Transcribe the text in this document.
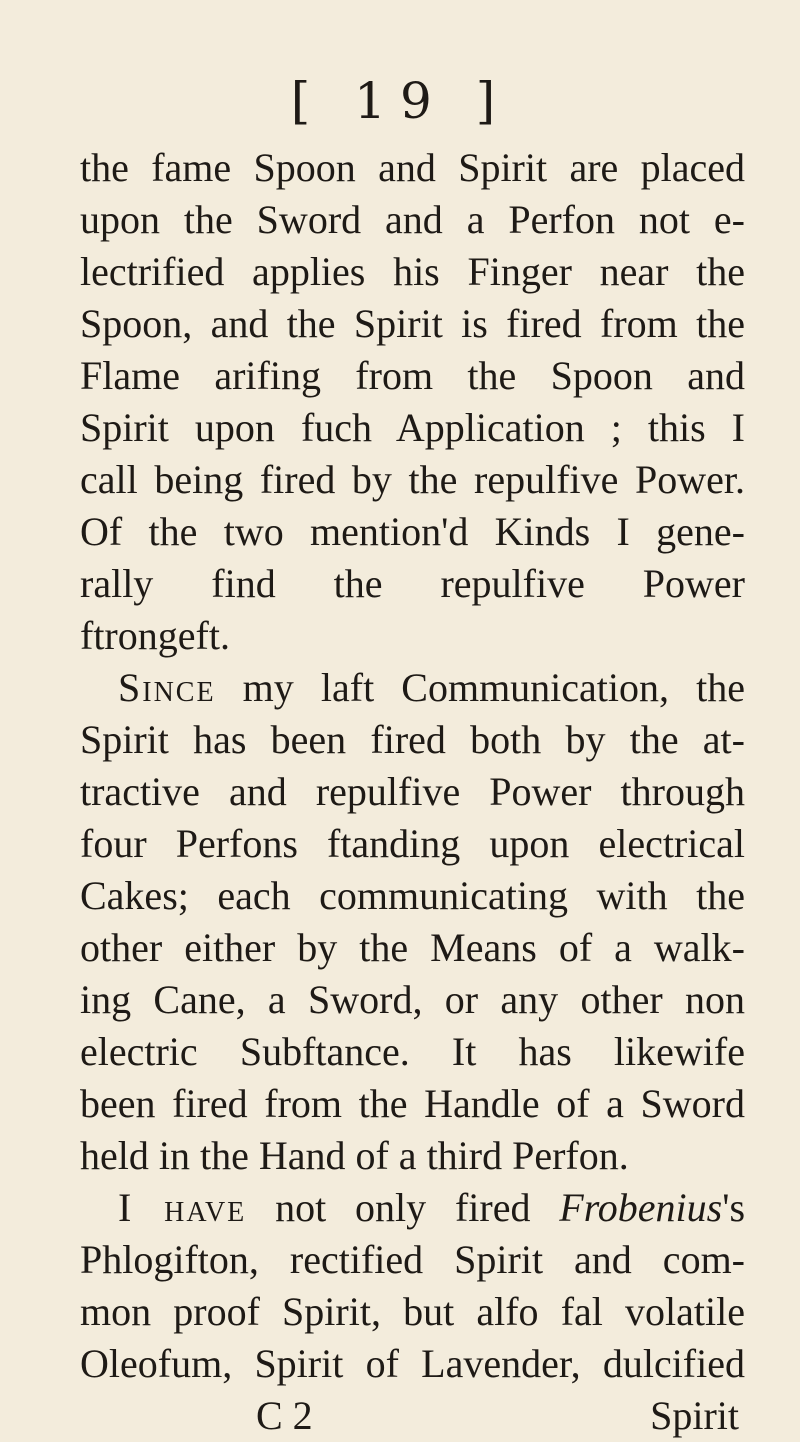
[ 19 ]
the fame Spoon and Spirit are placed
upon the Sword and a Perfon not e-
lectrified applies his Finger near the
Spoon, and the Spirit is fired from the
Flame arifing from the Spoon and
Spirit upon fuch Application ; this I
call being fired by the repulfive Power.
Of the two mention'd Kinds I gene-
rally find the repulfive Power
ftrongeft.
Since my laft Communication, the
Spirit has been fired both by the at-
tractive and repulfive Power through
four Perfons ftanding upon electrical
Cakes; each communicating with the
other either by the Means of a walk-
ing Cane, a Sword, or any other non
electric Subftance. It has likewife
been fired from the Handle of a Sword
held in the Hand of a third Perfon.
I have not only fired Frobenius's
Phlogifton, rectified Spirit and com-
mon proof Spirit, but alfo fal volatile
Oleofum, Spirit of Lavender, dulcified
C 2	Spirit
